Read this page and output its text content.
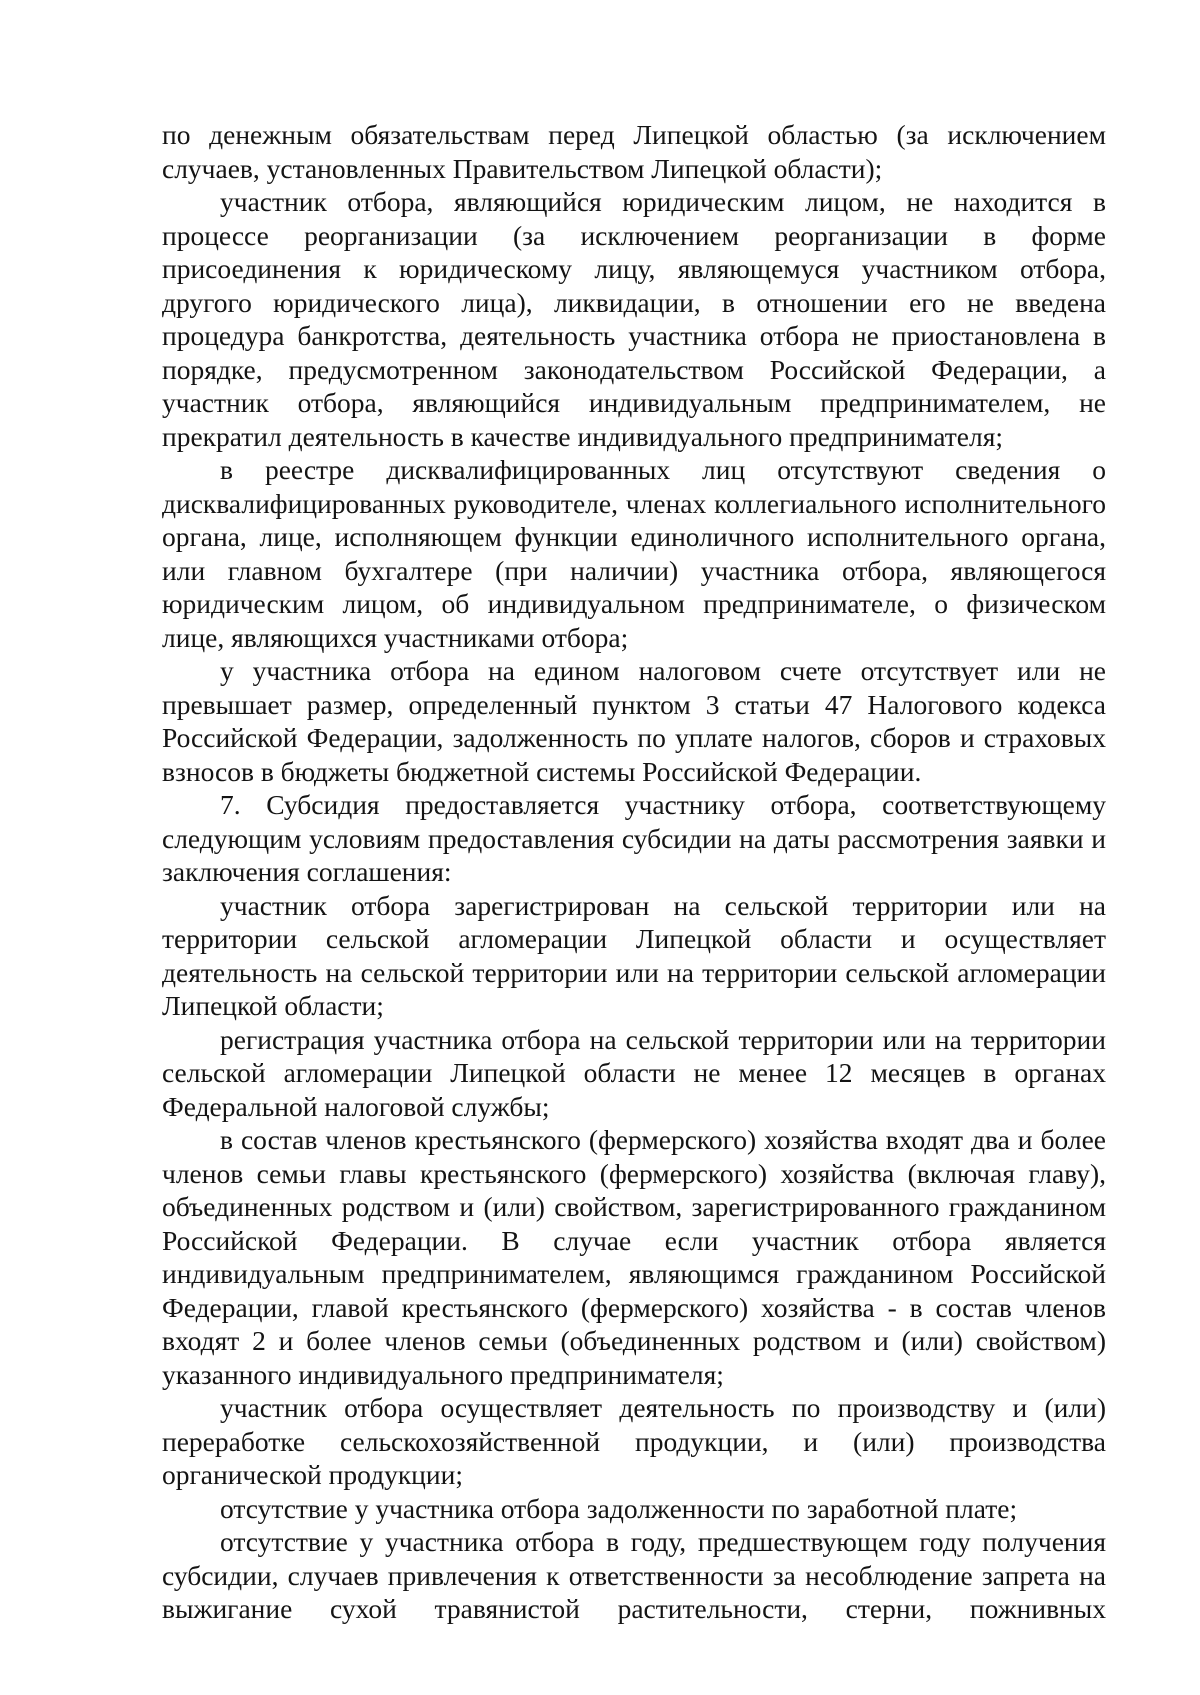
по денежным обязательствам перед Липецкой областью (за исключением случаев, установленных Правительством Липецкой области);

участник отбора, являющийся юридическим лицом, не находится в процессе реорганизации (за исключением реорганизации в форме присоединения к юридическому лицу, являющемуся участником отбора, другого юридического лица), ликвидации, в отношении его не введена процедура банкротства, деятельность участника отбора не приостановлена в порядке, предусмотренном законодательством Российской Федерации, а участник отбора, являющийся индивидуальным предпринимателем, не прекратил деятельность в качестве индивидуального предпринимателя;

в реестре дисквалифицированных лиц отсутствуют сведения о дисквалифицированных руководителе, членах коллегиального исполнительного органа, лице, исполняющем функции единоличного исполнительного органа, или главном бухгалтере (при наличии) участника отбора, являющегося юридическим лицом, об индивидуальном предпринимателе, о физическом лице, являющихся участниками отбора;

у участника отбора на едином налоговом счете отсутствует или не превышает размер, определенный пунктом 3 статьи 47 Налогового кодекса Российской Федерации, задолженность по уплате налогов, сборов и страховых взносов в бюджеты бюджетной системы Российской Федерации.

7. Субсидия предоставляется участнику отбора, соответствующему следующим условиям предоставления субсидии на даты рассмотрения заявки и заключения соглашения:

участник отбора зарегистрирован на сельской территории или на территории сельской агломерации Липецкой области и осуществляет деятельность на сельской территории или на территории сельской агломерации Липецкой области;

регистрация участника отбора на сельской территории или на территории сельской агломерации Липецкой области не менее 12 месяцев в органах Федеральной налоговой службы;

в состав членов крестьянского (фермерского) хозяйства входят два и более членов семьи главы крестьянского (фермерского) хозяйства (включая главу), объединенных родством и (или) свойством, зарегистрированного гражданином Российской Федерации. В случае если участник отбора является индивидуальным предпринимателем, являющимся гражданином Российской Федерации, главой крестьянского (фермерского) хозяйства - в состав членов входят 2 и более членов семьи (объединенных родством и (или) свойством) указанного индивидуального предпринимателя;

участник отбора осуществляет деятельность по производству и (или) переработке сельскохозяйственной продукции, и (или) производства органической продукции;

отсутствие у участника отбора задолженности по заработной плате;

отсутствие у участника отбора в году, предшествующем году получения субсидии, случаев привлечения к ответственности за несоблюдение запрета на выжигание сухой травянистой растительности, стерни, пожнивных
